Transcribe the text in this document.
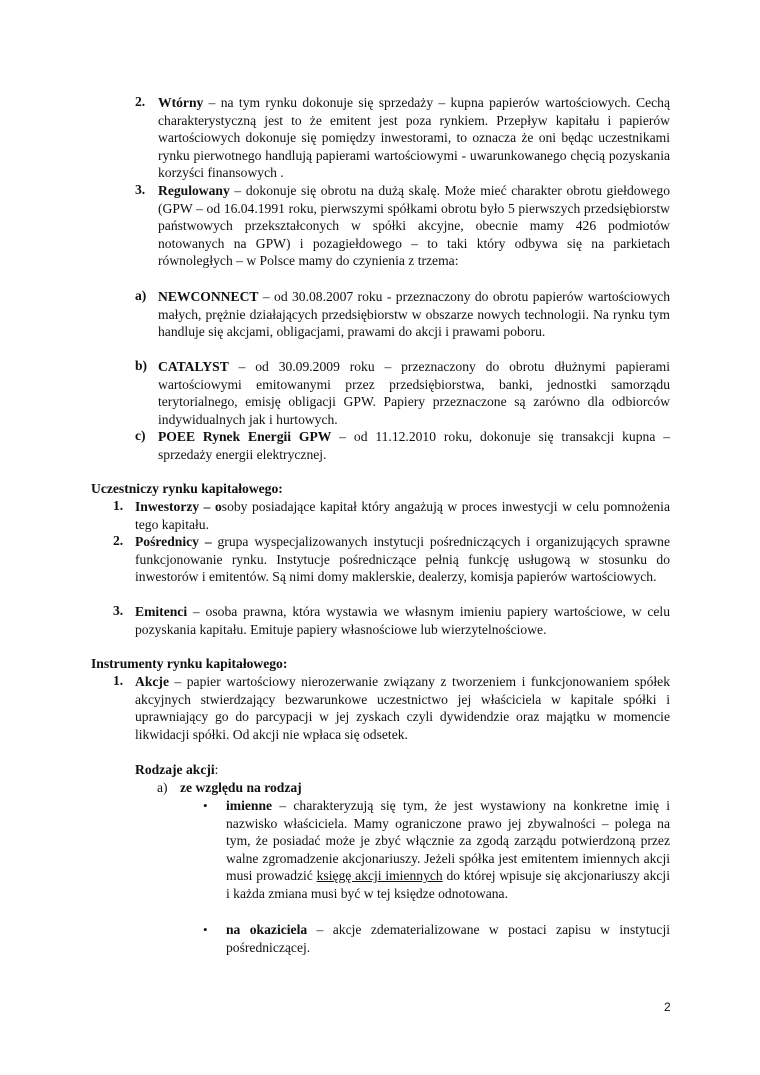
2. Wtórny – na tym rynku dokonuje się sprzedaży – kupna papierów wartościowych. Cechą charakterystyczną jest to że emitent jest poza rynkiem. Przepływ kapitału i papierów wartościowych dokonuje się pomiędzy inwestorami, to oznacza że oni będąc uczestnikami rynku pierwotnego handlują papierami wartościowymi - uwarunkowanego chęcią pozyskania korzyści finansowych .

3. Regulowany – dokonuje się obrotu na dużą skalę. Może mieć charakter obrotu giełdowego (GPW – od 16.04.1991 roku, pierwszymi spółkami obrotu było 5 pierwszych przedsiębiorstw państwowych przekształconych w spółki akcyjne, obecnie mamy 426 podmiotów notowanych na GPW) i pozagiełdowego – to taki który odbywa się na parkietach równoległych – w Polsce mamy do czynienia z trzema:

a) NEWCONNECT – od 30.08.2007 roku - przeznaczony do obrotu papierów wartościowych małych, prężnie działających przedsiębiorstw w obszarze nowych technologii. Na rynku tym handluje się akcjami, obligacjami, prawami do akcji i prawami poboru.

b) CATALYST – od 30.09.2009 roku – przeznaczony do obrotu dłużnymi papierami wartościowymi emitowanymi przez przedsiębiorstwa, banki, jednostki samorządu terytorialnego, emisję obligacji GPW. Papiery przeznaczone są zarówno dla odbiorców indywidualnych jak i hurtowych.

c) POEE Rynek Energii GPW – od 11.12.2010 roku, dokonuje się transakcji kupna – sprzedaży energii elektrycznej.

Uczestniczy rynku kapitałowego:
1. Inwestorzy – osoby posiadające kapitał który angażują w proces inwestycji w celu pomnożenia tego kapitału.

2. Pośrednicy – grupa wyspecjalizowanych instytucji pośredniczących i organizujących sprawne funkcjonowanie rynku. Instytucje pośredniczące pełnią funkcję usługową w stosunku do inwestorów i emitentów. Są nimi domy maklerskie, dealerzy, komisja papierów wartościowych.

3. Emitenci – osoba prawna, która wystawia we własnym imieniu papiery wartościowe, w celu pozyskania kapitału. Emituje papiery własnościowe lub wierzytelnościowe.

Instrumenty rynku kapitałowego:
1. Akcje – papier wartościowy nierozerwanie związany z tworzeniem i funkcjonowaniem spółek akcyjnych stwierdzający bezwarunkowe uczestnictwo jej właściciela w kapitale spółki i uprawniający go do parcypacji w jej zyskach czyli dywidendzie oraz majątku w momencie likwidacji spółki. Od akcji nie wpłaca się odsetek.

Rodzaje akcji:
a) ze względu na rodzaj
• imienne – charakteryzują się tym, że jest wystawiony na konkretne imię i nazwisko właściciela. Mamy ograniczone prawo jej zbywalności – polega na tym, że posiadać może je zbyć włącznie za zgodą zarządu potwierdzoną przez walne zgromadzenie akcjonariuszy. Jeżeli spółka jest emitentem imiennych akcji musi prowadzić księgę akcji imiennych do której wpisuje się akcjonariuszy akcji i każda zmiana musi być w tej księdze odnotowana.

• na okaziciela – akcje zdematerializowane w postaci zapisu w instytucji pośredniczącej.

2
